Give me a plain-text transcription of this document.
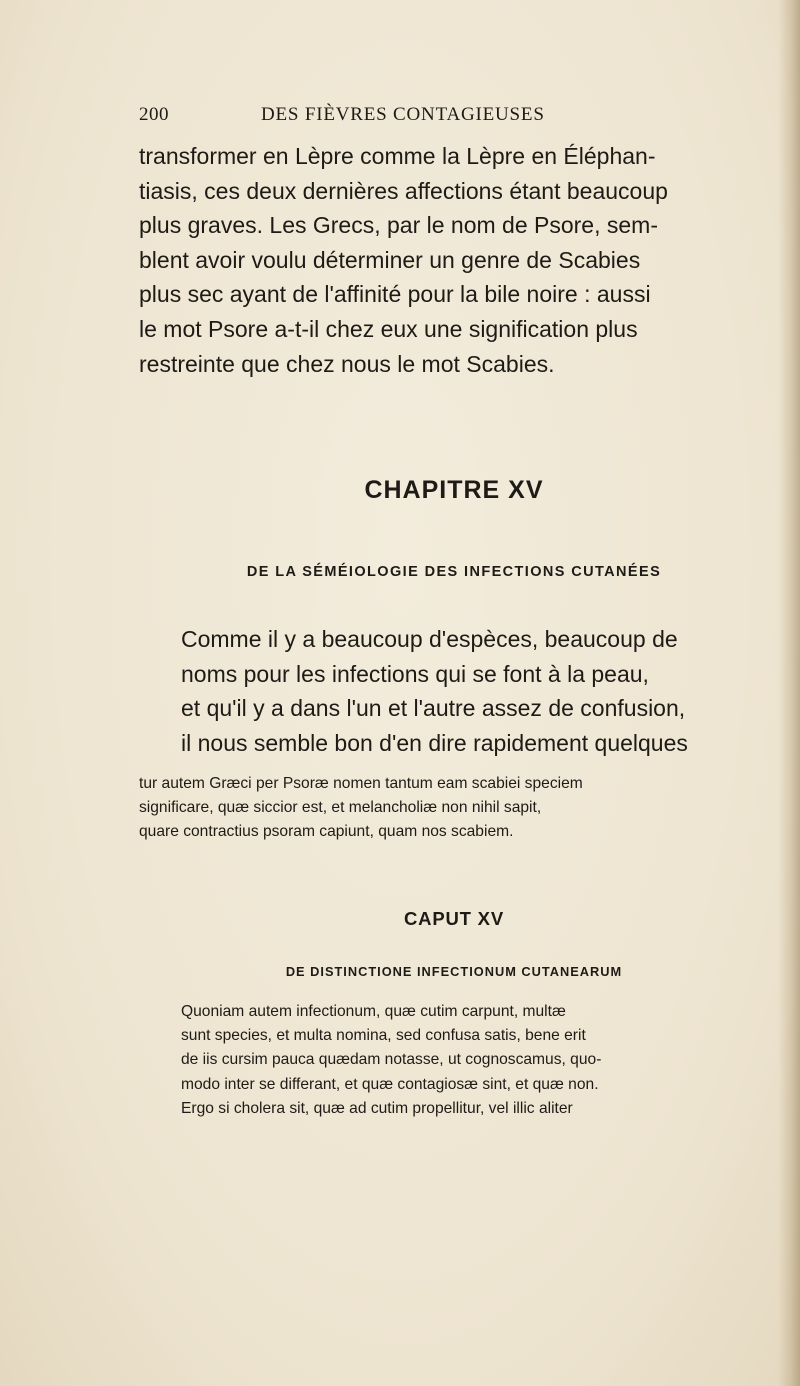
200	DES FIÈVRES CONTAGIEUSES

transformer en Lèpre comme la Lèpre en Éléphan-
tiasis, ces deux dernières affections étant beaucoup
plus graves. Les Grecs, par le nom de Psore, sem-
blent avoir voulu déterminer un genre de Scabies
plus sec ayant de l'affinité pour la bile noire : aussi
le mot Psore a-t-il chez eux une signification plus
restreinte que chez nous le mot Scabies.

CHAPITRE XV
DE LA SÉMÉIOLOGIE DES INFECTIONS CUTANÉES

Comme il y a beaucoup d'espèces, beaucoup de
noms pour les infections qui se font à la peau,
et qu'il y a dans l'un et l'autre assez de confusion,
il nous semble bon d'en dire rapidement quelques

tur autem Græci per Psoræ nomen tantum eam scabiei speciem
significare, quæ siccior est, et melancholiæ non nihil sapit,
quare contractius psoram capiunt, quam nos scabiem.

CAPUT XV
DE DISTINCTIONE INFECTIONUM CUTANEARUM

Quoniam autem infectionum, quæ cutim carpunt, multæ
sunt species, et multa nomina, sed confusa satis, bene erit
de iis cursim pauca quædam notasse, ut cognoscamus, quo-
modo inter se differant, et quæ contagiosæ sint, et quæ non.
Ergo si cholera sit, quæ ad cutim propellitur, vel illic aliter
